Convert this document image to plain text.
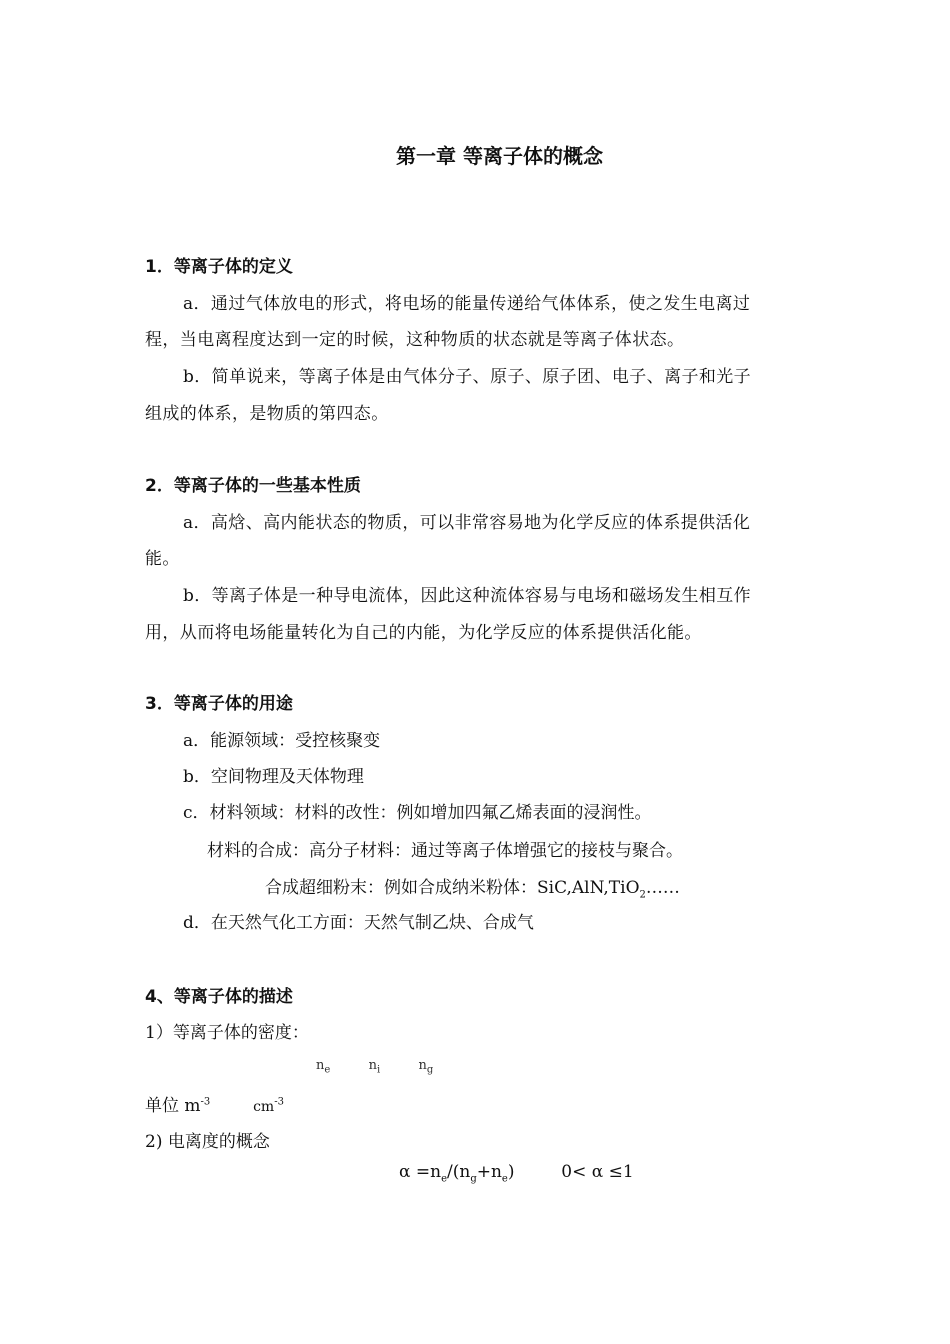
第一章 等离子体的概念
1．等离子体的定义
a．通过气体放电的形式，将电场的能量传递给气体体系，使之发生电离过
程，当电离程度达到一定的时候，这种物质的状态就是等离子体状态。
b．简单说来，等离子体是由气体分子、原子、原子团、电子、离子和光子
组成的体系，是物质的第四态。
2．等离子体的一些基本性质
a．高焓、高内能状态的物质，可以非常容易地为化学反应的体系提供活化
能。
b．等离子体是一种导电流体，因此这种流体容易与电场和磁场发生相互作
用，从而将电场能量转化为自己的内能，为化学反应的体系提供活化能。
3．等离子体的用途
a．能源领域：受控核聚变
b．空间物理及天体物理
c．材料领域：材料的改性：例如增加四氟乙烯表面的浸润性。
材料的合成：高分子材料：通过等离子体增强它的接枝与聚合。
合成超细粉末：例如合成纳米粉体：SiC,AlN,TiO$_2$……
d．在天然气化工方面：天然气制乙炔、合成气
4、等离子体的描述
1）等离子体的密度：
$n_e$	$n_i$	$n_g$
单位 $m^{-3}$	$cm^{-3}$
2) 电离度的概念
$\alpha =n_e/(n_g+n_e)$	0< α ≤1
